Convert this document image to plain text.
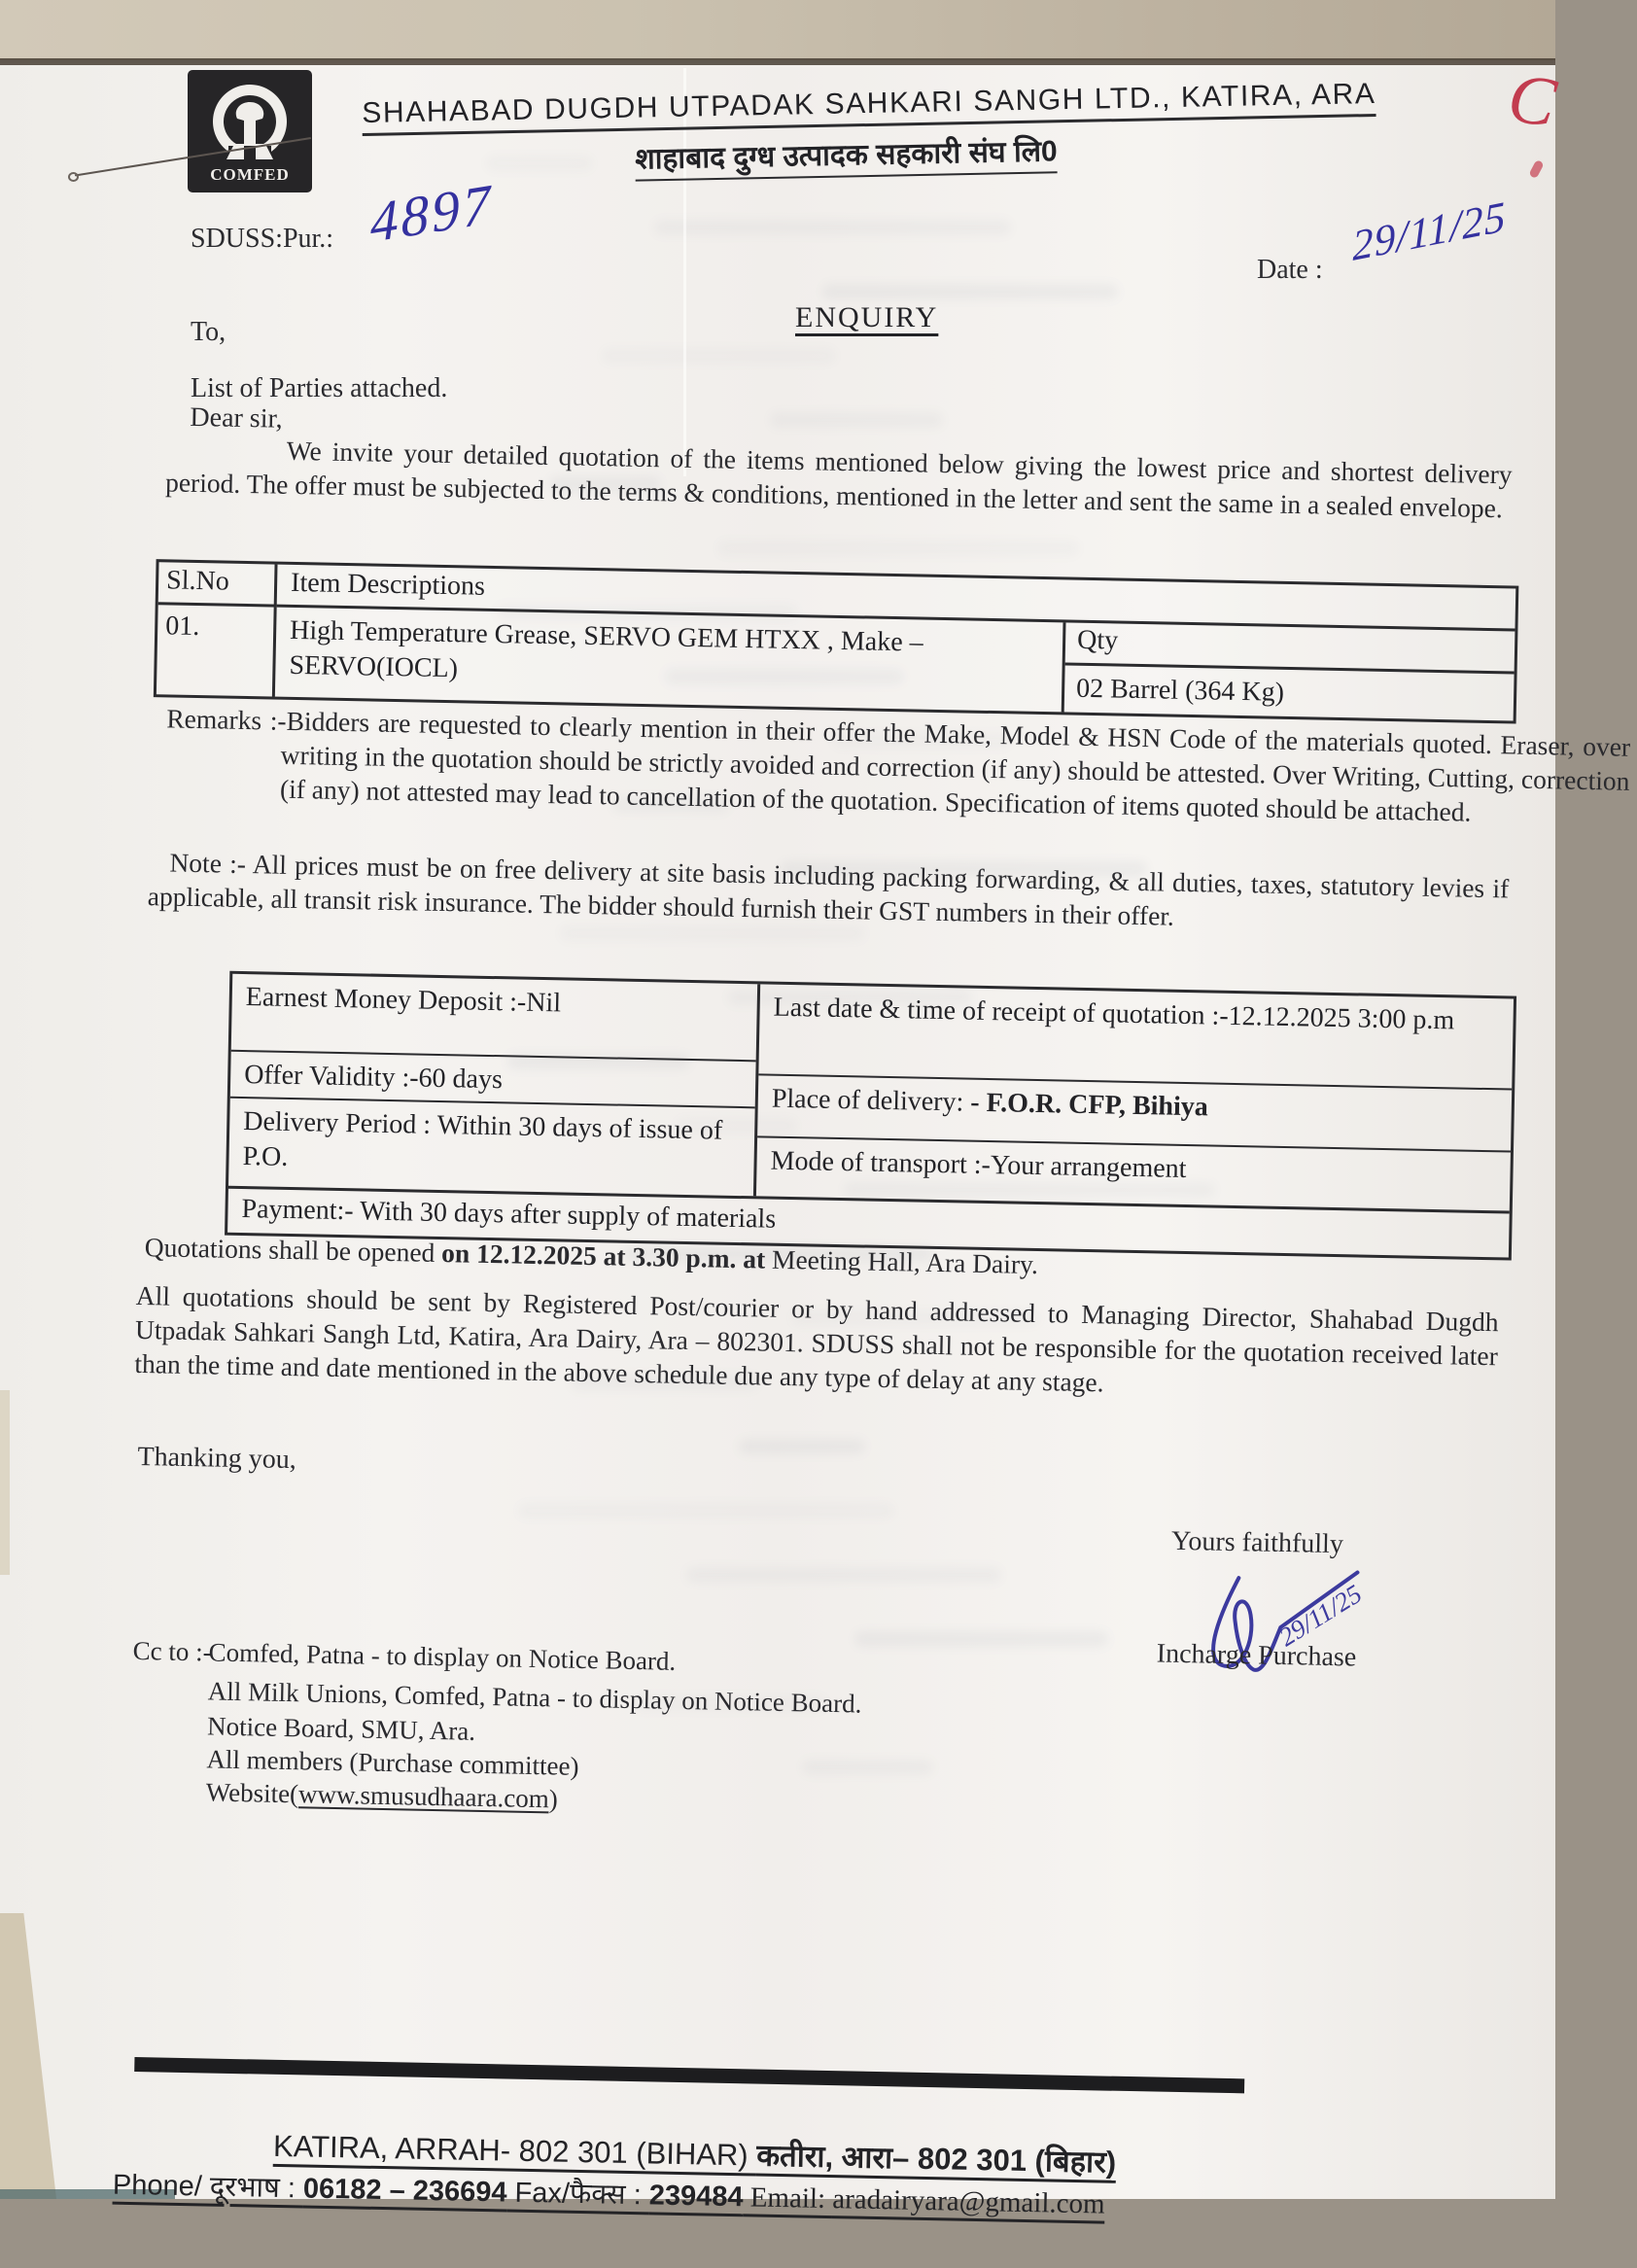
C
COMFED
SHAHABAD DUGDH UTPADAK SAHKARI SANGH LTD., KATIRA, ARA
शाहाबाद दुग्ध उत्पादक सहकारी संघ लि0
SDUSS:Pur.: 4897
Date : 29/11/25
ENQUIRY
To,
List of Parties attached.
Dear sir,

We invite your detailed quotation of the items mentioned below giving the lowest price and shortest delivery period. The offer must be subjected to the terms & conditions, mentioned in the letter and sent the same in a sealed envelope.

Sl.No	Item Descriptions
01.	High Temperature Grease, SERVO GEM HTXX , Make – SERVO(IOCL)
Qty
02 Barrel (364 Kg)

Remarks :-Bidders are requested to clearly mention in their offer the Make, Model & HSN Code of the materials quoted. Eraser, over writing in the quotation should be strictly avoided and correction (if any) should be attested. Over Writing, Cutting, correction (if any) not attested may lead to cancellation of the quotation. Specification of items quoted should be attached.

Note :- All prices must be on free delivery at site basis including packing forwarding, & all duties, taxes, statutory levies if applicable, all transit risk insurance. The bidder should furnish their GST numbers in their offer.

Earnest Money Deposit :-Nil
Offer Validity :-60 days
Delivery Period : Within 30 days of issue of P.O.
Last date & time of receipt of quotation :-12.12.2025 3:00 p.m
Place of delivery: - F.O.R. CFP, Bihiya
Mode of transport :-Your arrangement
Payment:- With 30 days after supply of materials

Quotations shall be opened on 12.12.2025 at 3.30 p.m. at Meeting Hall, Ara Dairy.

All quotations should be sent by Registered Post/courier or by hand addressed to Managing Director, Shahabad Dugdh Utpadak Sahkari Sangh Ltd, Katira, Ara Dairy, Ara – 802301. SDUSS shall not be responsible for the quotation received later than the time and date mentioned in the above schedule due any type of delay at any stage.

Thanking you,
Yours faithfully
29/11/25
Incharge Purchase
Cc to :-
Comfed, Patna - to display on Notice Board.
All Milk Unions, Comfed, Patna - to display on Notice Board.
Notice Board, SMU, Ara.
All members (Purchase committee)
Website(www.smusudhaara.com)
KATIRA, ARRAH- 802 301 (BIHAR) कतीरा, आरा– 802 301 (बिहार)
Phone/ दूरभाष : 06182 – 236694 Fax/फैक्स : 239484 Email: aradairyara@gmail.com
